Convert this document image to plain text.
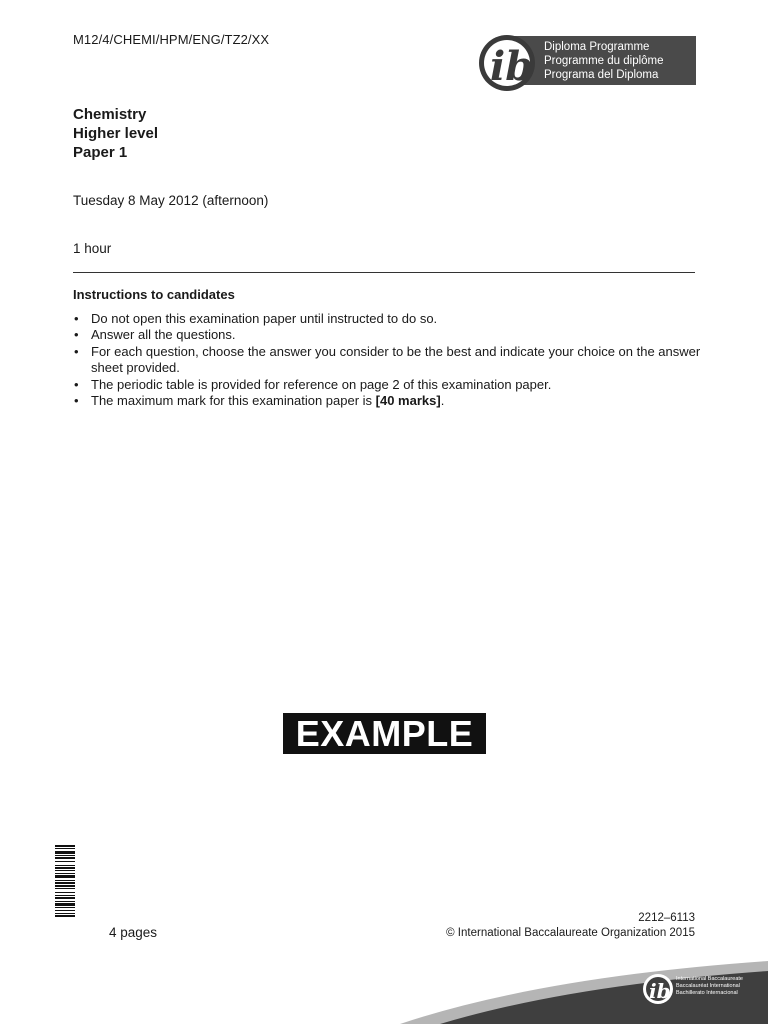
M12/4/CHEMI/HPM/ENG/TZ2/XX
ib Diploma Programme
Programme du diplôme
Programa del Diploma
Chemistry
Higher level
Paper 1
Tuesday 8 May 2012 (afternoon)
1 hour
Instructions to candidates
• Do not open this examination paper until instructed to do so.
• Answer all the questions.
• For each question, choose the answer you consider to be the best and indicate your choice on the answer sheet provided.
• The periodic table is provided for reference on page 2 of this examination paper.
• The maximum mark for this examination paper is [40 marks].
EXAMPLE
4 pages
2212–6113
© International Baccalaureate Organization 2015
ib International Baccalaureate
Baccalauréat International
Bachillerato Internacional
